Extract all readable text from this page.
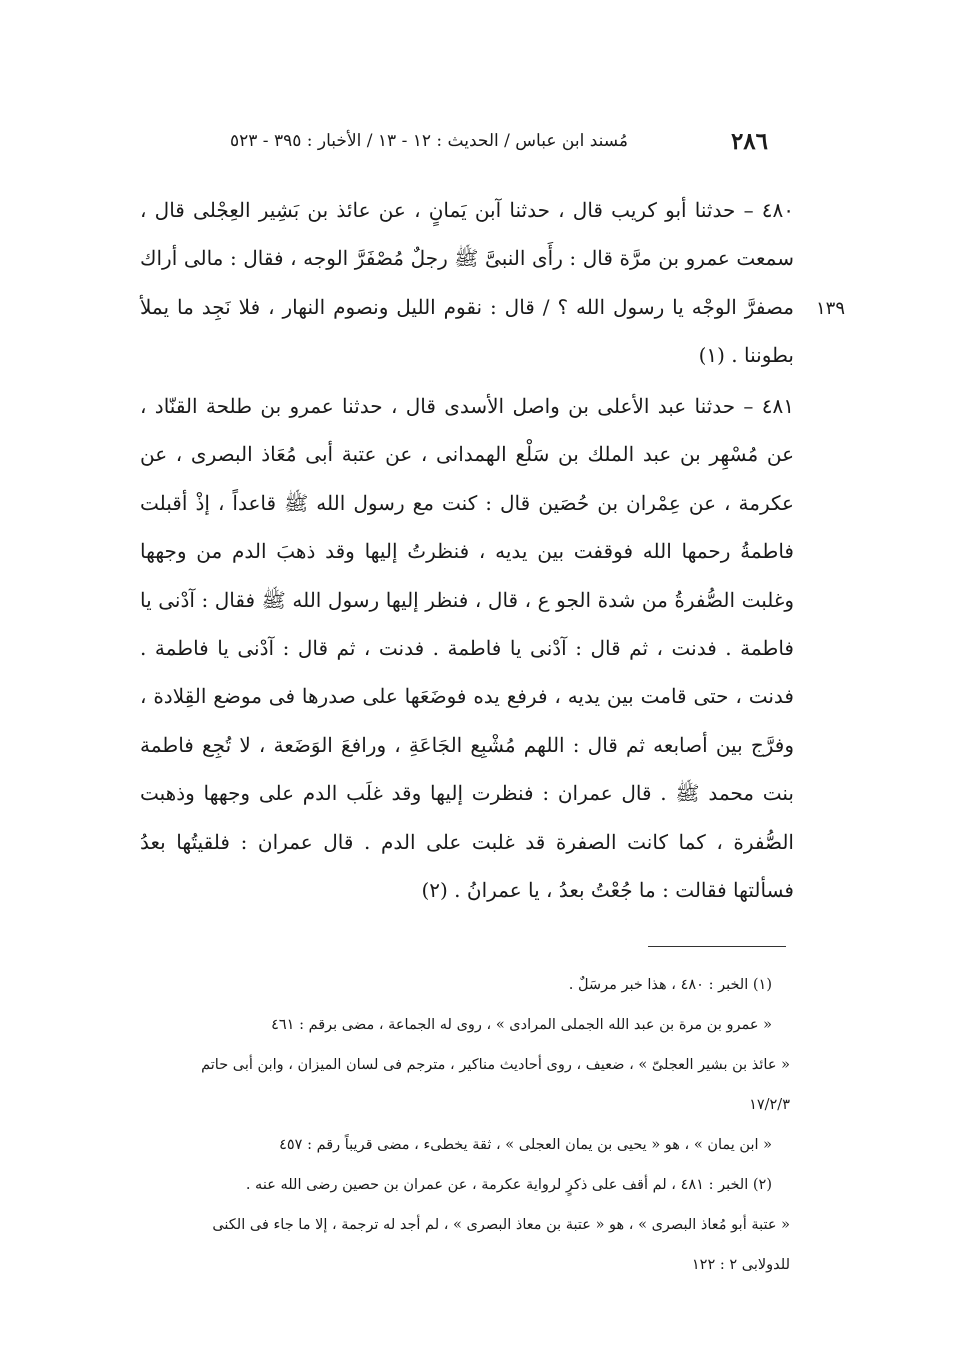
٢٨٦
مُسند ابن عباس / الحديث : ١٢ - ١٣ / الأخبار : ٣٩٥ - ٥٢٣

٤٨٠ – حدثنا أبو كريب قال ، حدثنا آبن يَمانٍ ، عن عائذ بن بَشِير العِجْلى قال ، سمعت عمرو بن مرَّة قال : رأَى النبىَّ ﷺ رجلٌ مُصْفَرَّ الوجه ، فقال : مالى أراك مصفرَّ الوجْه يا رسول الله ؟ / قال : نقوم الليل ونصوم النهار ، فلا نَجِد ما يملأ بطوننا . (١)

١٣٩

٤٨١ – حدثنا عبد الأعلى بن واصل الأسدى قال ، حدثنا عمرو بن طلحة القنّاد ، عن مُسْهِر بن عبد الملك بن سَلْع الهمدانى ، عن عتبة أبى مُعَاذ البصرى ، عن عكرمة ، عن عِمْران بن حُصَين قال : كنت مع رسول الله ﷺ قاعداً ، إذْ أقبلت فاطمةُ رحمها الله فوقفت بين يديه ، فنظرتُ إليها وقد ذهبَ الدم من وجهها وغلبت الصُّفرةُ من شدة الجو ع ، قال ، فنظر إليها رسول الله ﷺ فقال : آدْنى يا فاطمة . فدنت ، ثم قال : آدْنى يا فاطمة . فدنت ، ثم قال : آدْنى يا فاطمة . فدنت ، حتى قامت بين يديه ، فرفع يده فوضَعَها على صدرها فى موضع القِلادة ، وفرَّج بين أصابعه ثم قال : اللهم مُشْبِع الجَاعَةِ ، ورافعَ الوَضَعة ، لا تُجِع فاطمة بنت محمد ﷺ . قال عمران : فنظرت إليها وقد غلَب الدم على وجهها وذهبت الصُّفرة ، كما كانت الصفرة قد غلبت على الدم . قال عمران : فلقيتُها بعدُ فسألتها فقالت : ما جُعْتُ بعدُ ، يا عمرانُ . (٢)

(١) الخبر : ٤٨٠ ، هذا خبر مرسَلٌ .
« عمرو بن مرة بن عبد الله الجملى المرادى » ، روى له الجماعة ، مضى برقم : ٤٦١
« عائذ بن بشير العجلىّ » ، ضعيف ، روى أحاديث مناكير ، مترجم فى لسان الميزان ، وابن أبى حاتم
١٧/٢/٣
« ابن يمان » ، هو « يحيى بن يمان العجلى » ، ثقة يخطىء ، مضى قريباً رقم : ٤٥٧
(٢) الخبر : ٤٨١ ، لم أقف على ذكرٍ لرواية عكرمة ، عن عمران بن حصين رضى الله عنه .
« عتبة أبو مُعاذ البصرى » ، هو « عتبة بن معاذ البصرى » ، لم أجد له ترجمة ، إلا ما جاء فى الكنى
للدولابى ٢ : ١٢٢
